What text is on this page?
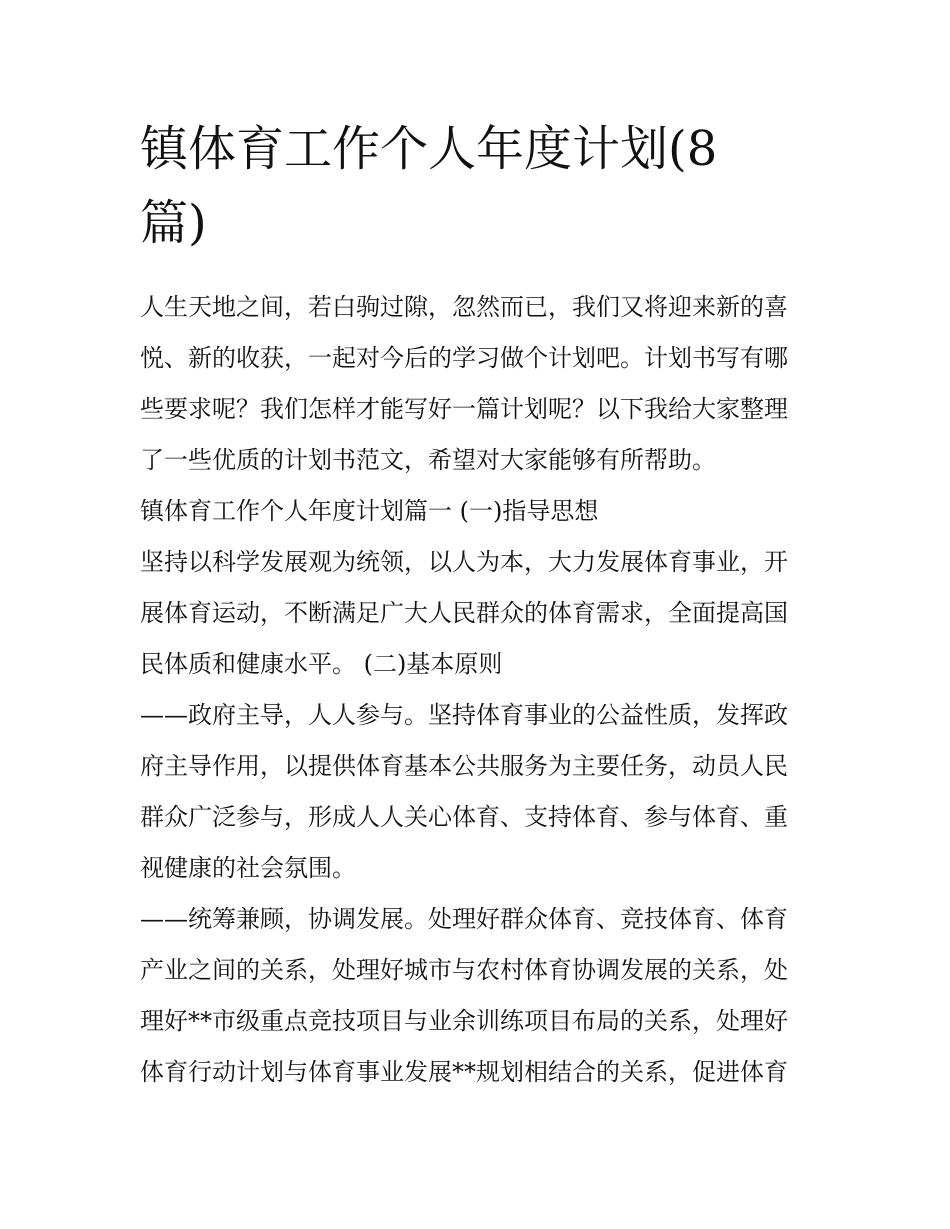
镇体育工作个人年度计划(8
篇)
人生天地之间，若白驹过隙，忽然而已，我们又将迎来新的喜
悦、新的收获，一起对今后的学习做个计划吧。计划书写有哪
些要求呢？我们怎样才能写好一篇计划呢？以下我给大家整理
了一些优质的计划书范文，希望对大家能够有所帮助。
镇体育工作个人年度计划篇一 (一)指导思想
坚持以科学发展观为统领，以人为本，大力发展体育事业，开
展体育运动，不断满足广大人民群众的体育需求，全面提高国
民体质和健康水平。 (二)基本原则
——政府主导，人人参与。坚持体育事业的公益性质，发挥政
府主导作用，以提供体育基本公共服务为主要任务，动员人民
群众广泛参与，形成人人关心体育、支持体育、参与体育、重
视健康的社会氛围。
——统筹兼顾，协调发展。处理好群众体育、竞技体育、体育
产业之间的关系，处理好城市与农村体育协调发展的关系，处
理好**市级重点竞技项目与业余训练项目布局的关系，处理好
体育行动计划与体育事业发展**规划相结合的关系，促进体育
